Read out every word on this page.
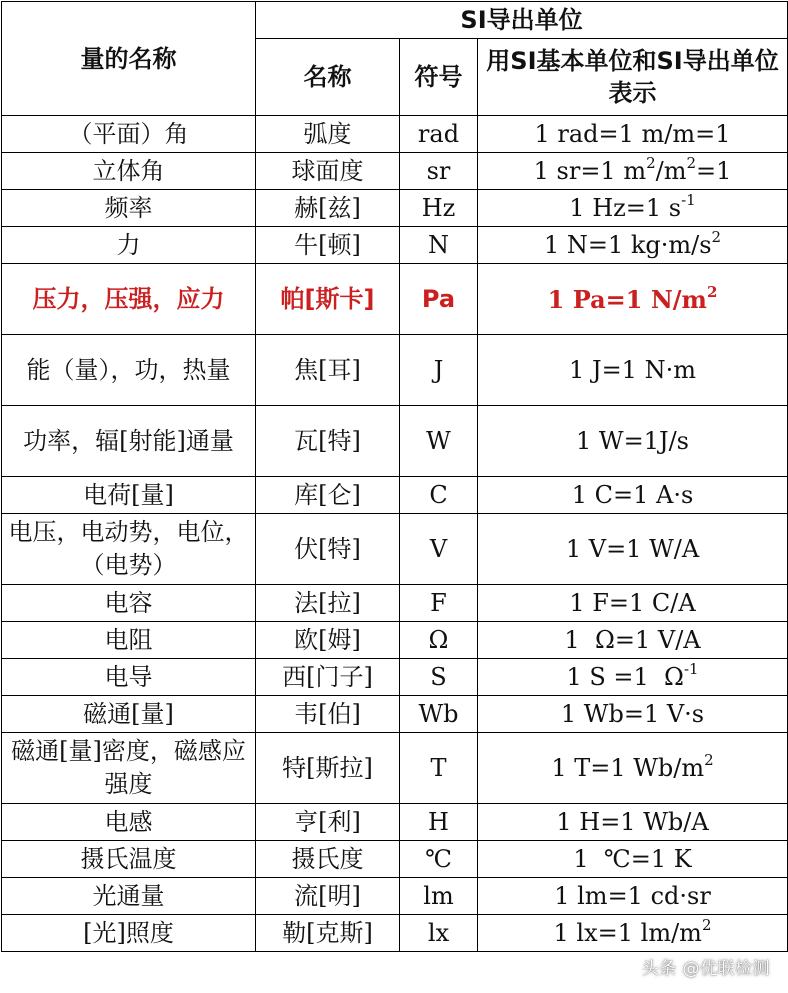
量的名称	SI导出单位		
	名称	符号	用SI基本单位和SI导出单位表示
（平面）角	弧度	rad	1 rad=1 m/m=1
立体角	球面度	sr	1 sr=1 $m^2/m^2=1$
频率	赫[兹]	Hz	1 Hz=1 $s^{-1}$
力	牛[顿]	N	1 N=1 $kg\cdot m/s^2$
压力，压强，应力	帕[斯卡]	Pa	1 Pa=1 $N/m^2$
能（量），功，热量	焦[耳]	J	1 J=1 N·m
功率，辐[射能]通量	瓦[特]	W	1 W=1J/s
电荷[量]	库[仑]	C	1 C=1 A·s
电压，电动势，电位，（电势）	伏[特]	V	1 V=1 W/A
电容	法[拉]	F	1 F=1 C/A
电阻	欧[姆]	Ω	1  Ω=1 V/A
电导	西[门子]	S	1 S =1  $\Omega^{-1}$
磁通[量]	韦[伯]	Wb	1 Wb=1 V·s
磁通[量]密度，磁感应强度	特[斯拉]	T	1 T=1 $Wb/m^2$
电感	亨[利]	H	1 H=1 Wb/A
摄氏温度	摄氏度	℃	1  ℃=1 K
光通量	流[明]	lm	1 lm=1 cd·sr
[光]照度	勒[克斯]	lx	1 lx=1 $lm/m^2$
头条 @优联检测
